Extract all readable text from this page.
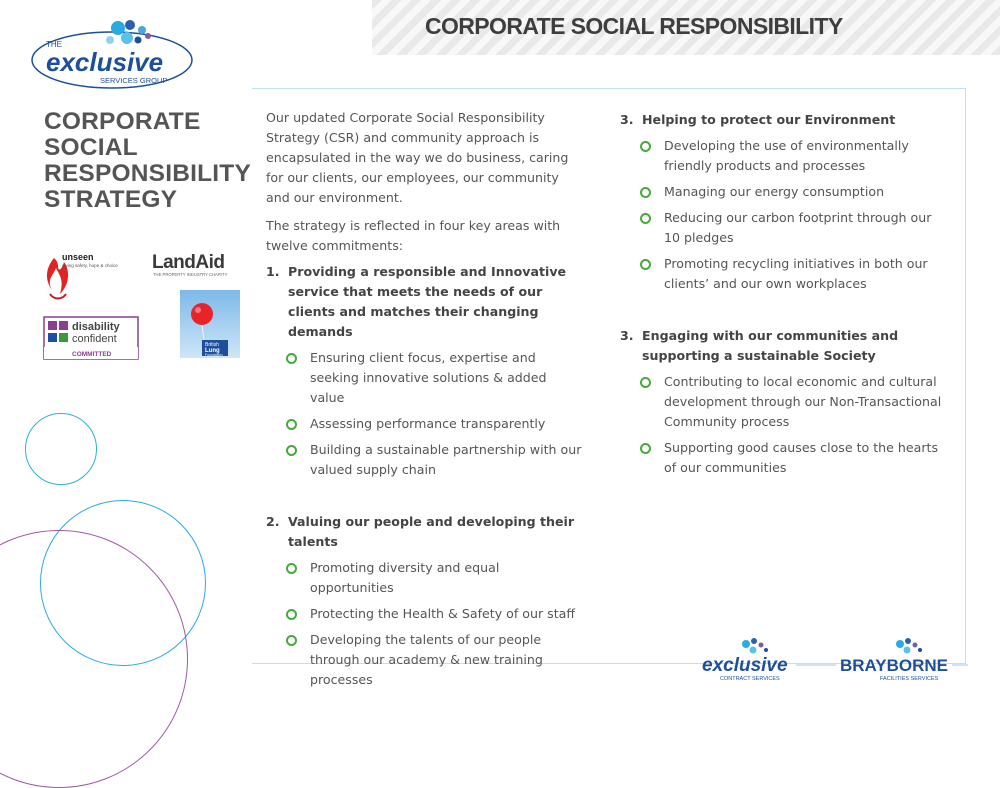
CORPORATE SOCIAL RESPONSIBILITY
THE
exclusive
SERVICES GROUP
CORPORATE
SOCIAL
RESPONSIBILITY
STRATEGY
unseen
giving safety, hope & choice LandAid
THE PROPERTY INDUSTRY CHARITY
disability
confident
COMMITTED
British
Lung
Foundation

Our updated Corporate Social Responsibility Strategy (CSR) and community approach is encapsulated in the way we do business, caring for our clients, our employees, our community and our environment.

The strategy is reflected in four key areas with twelve commitments:

1. Providing a responsible and Innovative service that meets the needs of our clients and matches their changing demands
Ensuring client focus, expertise and seeking innovative solutions & added value
Assessing performance transparently
Building a sustainable partnership with our valued supply chain
2. Valuing our people and developing their talents
Promoting diversity and equal opportunities
Protecting the Health & Safety of our staff
Developing the talents of our people through our academy & new training processes
3. Helping to protect our Environment
Developing the use of environmentally friendly products and processes
Managing our energy consumption
Reducing our carbon footprint through our 10 pledges
Promoting recycling initiatives in both our clients’ and our own workplaces
3. Engaging with our communities and supporting a sustainable Society
Contributing to local economic and cultural development through our Non-Transactional Community process
Supporting good causes close to the hearts of our communities
exclusive
CONTRACT SERVICES
BRAYBORNE
FACILITIES SERVICES
